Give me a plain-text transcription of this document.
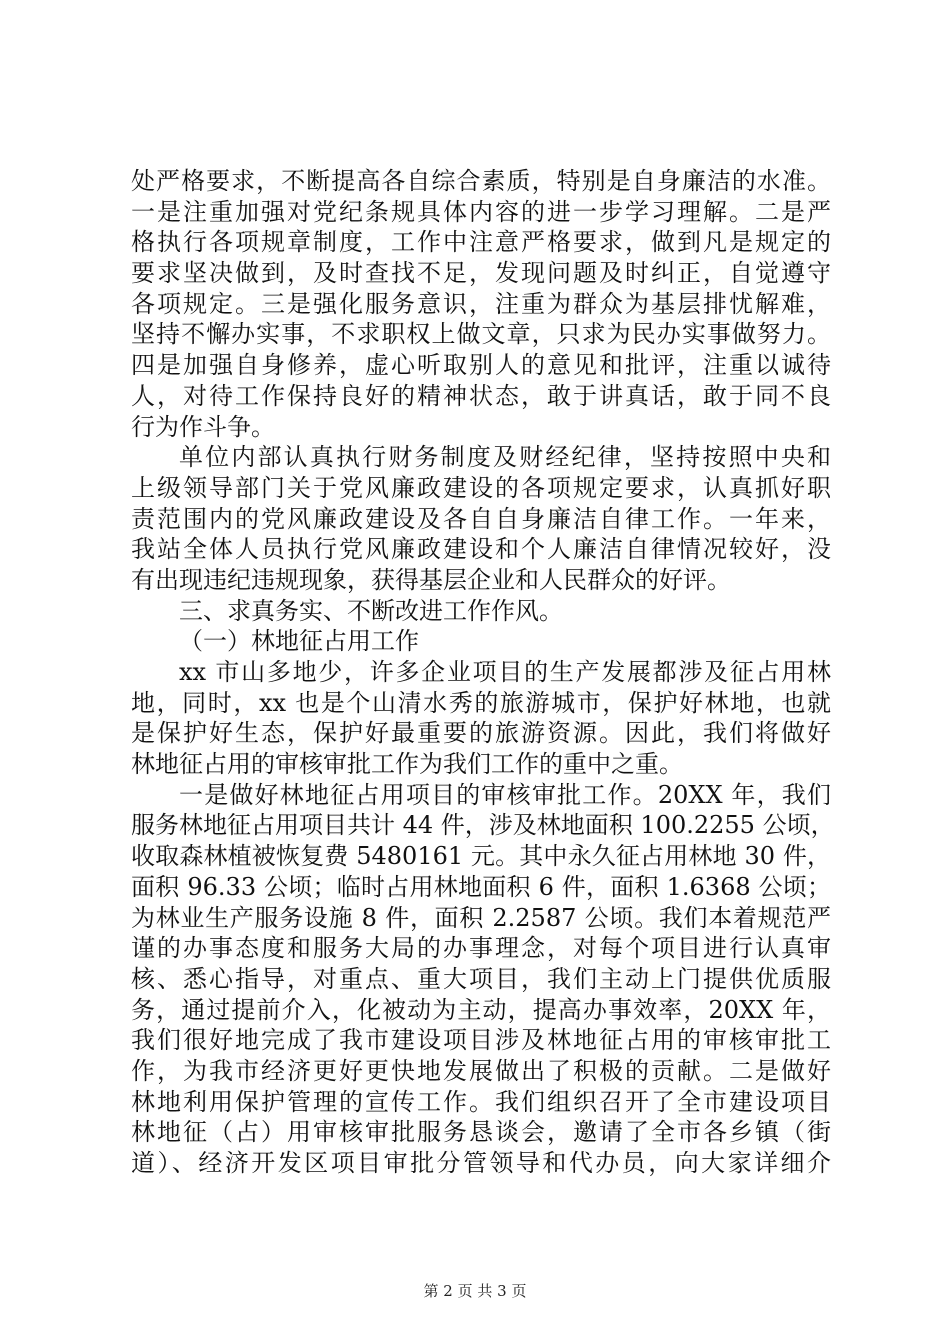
处严格要求，不断提高各自综合素质，特别是自身廉洁的水准。
一是注重加强对党纪条规具体内容的进一步学习理解。二是严
格执行各项规章制度，工作中注意严格要求，做到凡是规定的
要求坚决做到，及时查找不足，发现问题及时纠正，自觉遵守
各项规定。三是强化服务意识，注重为群众为基层排忧解难，
坚持不懈办实事，不求职权上做文章，只求为民办实事做努力。
四是加强自身修养，虚心听取别人的意见和批评，注重以诚待
人，对待工作保持良好的精神状态，敢于讲真话，敢于同不良
行为作斗争。
单位内部认真执行财务制度及财经纪律，坚持按照中央和
上级领导部门关于党风廉政建设的各项规定要求，认真抓好职
责范围内的党风廉政建设及各自自身廉洁自律工作。一年来，
我站全体人员执行党风廉政建设和个人廉洁自律情况较好，没
有出现违纪违规现象，获得基层企业和人民群众的好评。
三、求真务实、不断改进工作作风。
（一）林地征占用工作
xx 市山多地少，许多企业项目的生产发展都涉及征占用林
地，同时，xx 也是个山清水秀的旅游城市，保护好林地，也就
是保护好生态，保护好最重要的旅游资源。因此，我们将做好
林地征占用的审核审批工作为我们工作的重中之重。
一是做好林地征占用项目的审核审批工作。20XX 年，我们
服务林地征占用项目共计 44 件，涉及林地面积 100.2255 公顷，
收取森林植被恢复费 5480161 元。其中永久征占用林地 30 件，
面积 96.33 公顷；临时占用林地面积 6 件，面积 1.6368 公顷；
为林业生产服务设施 8 件，面积 2.2587 公顷。我们本着规范严
谨的办事态度和服务大局的办事理念，对每个项目进行认真审
核、悉心指导，对重点、重大项目，我们主动上门提供优质服
务，通过提前介入，化被动为主动，提高办事效率，20XX 年，
我们很好地完成了我市建设项目涉及林地征占用的审核审批工
作，为我市经济更好更快地发展做出了积极的贡献。二是做好
林地利用保护管理的宣传工作。我们组织召开了全市建设项目
林地征（占）用审核审批服务恳谈会，邀请了全市各乡镇（街
道）、经济开发区项目审批分管领导和代办员，向大家详细介
第 2 页 共 3 页
